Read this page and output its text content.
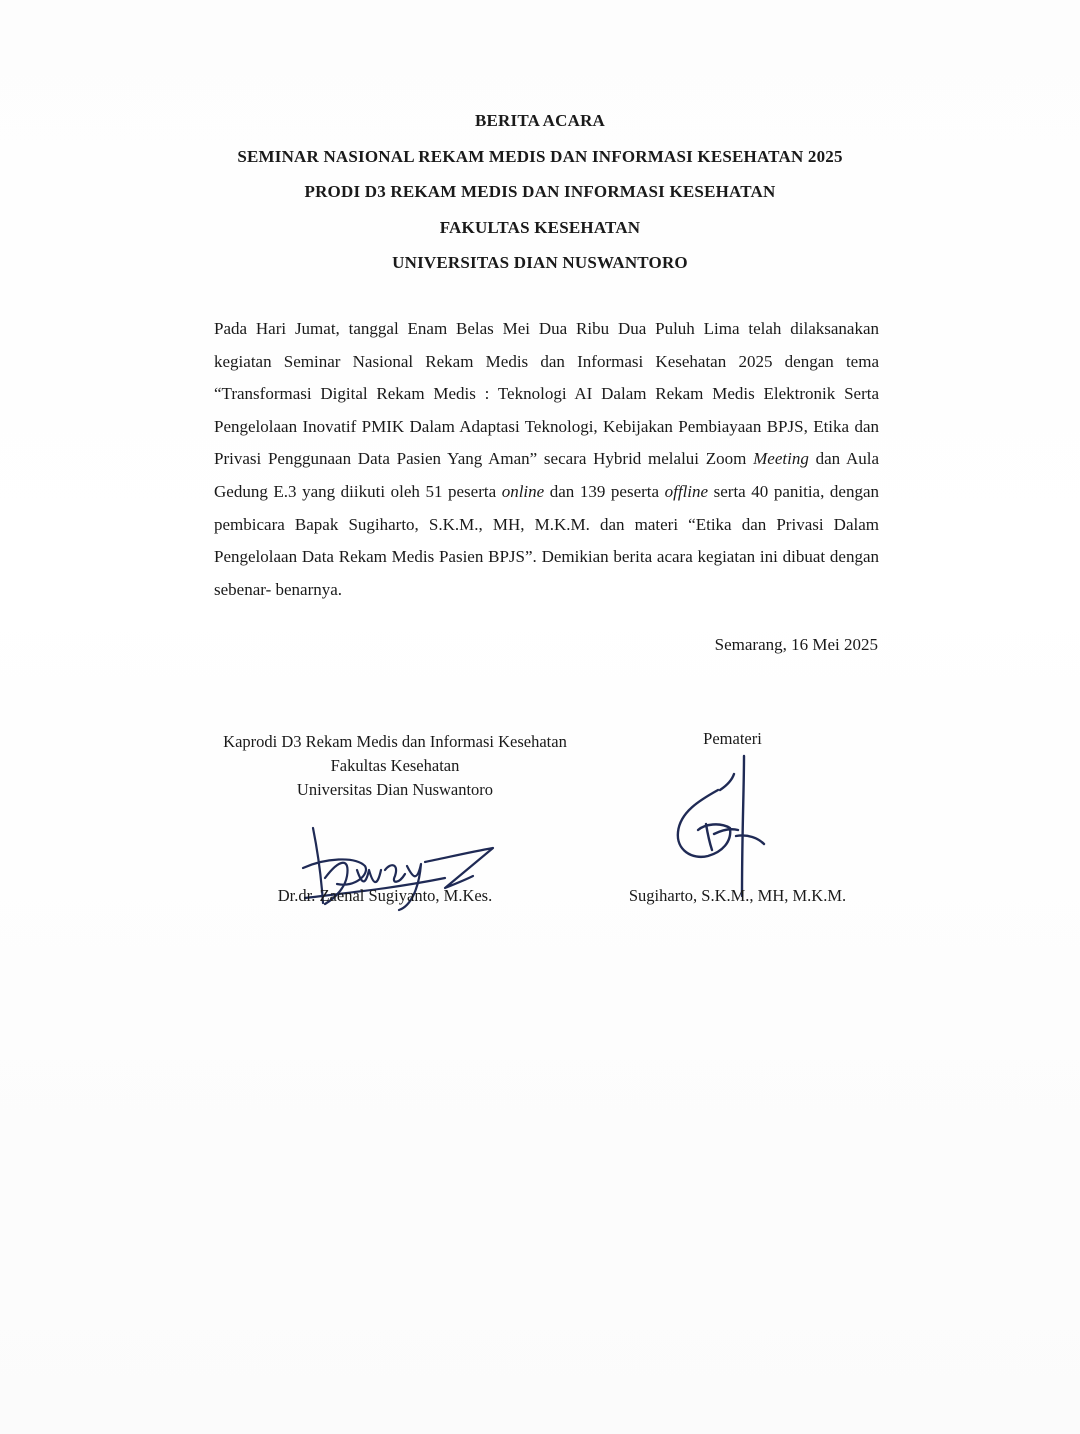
BERITA ACARA
SEMINAR NASIONAL REKAM MEDIS DAN INFORMASI KESEHATAN 2025
PRODI D3 REKAM MEDIS DAN INFORMASI KESEHATAN
FAKULTAS KESEHATAN
UNIVERSITAS DIAN NUSWANTORO
Pada Hari Jumat, tanggal Enam Belas Mei Dua Ribu Dua Puluh Lima telah dilaksanakan kegiatan Seminar Nasional Rekam Medis dan Informasi Kesehatan 2025 dengan tema “Transformasi Digital Rekam Medis : Teknologi AI Dalam Rekam Medis Elektronik Serta Pengelolaan Inovatif PMIK Dalam Adaptasi Teknologi, Kebijakan Pembiayaan BPJS, Etika dan Privasi Penggunaan Data Pasien Yang Aman” secara Hybrid melalui Zoom Meeting dan Aula Gedung E.3 yang diikuti oleh 51 peserta online dan 139 peserta offline serta 40 panitia, dengan pembicara Bapak Sugiharto, S.K.M., MH, M.K.M. dan materi “Etika dan Privasi Dalam Pengelolaan Data Rekam Medis Pasien BPJS”. Demikian berita acara kegiatan ini dibuat dengan sebenar- benarnya.
Semarang, 16 Mei 2025
Kaprodi D3 Rekam Medis dan Informasi Kesehatan
Fakultas Kesehatan
Universitas Dian Nuswantoro
Pemateri
Dr.dr. Zaenal Sugiyanto, M.Kes.	Sugiharto, S.K.M., MH, M.K.M.
